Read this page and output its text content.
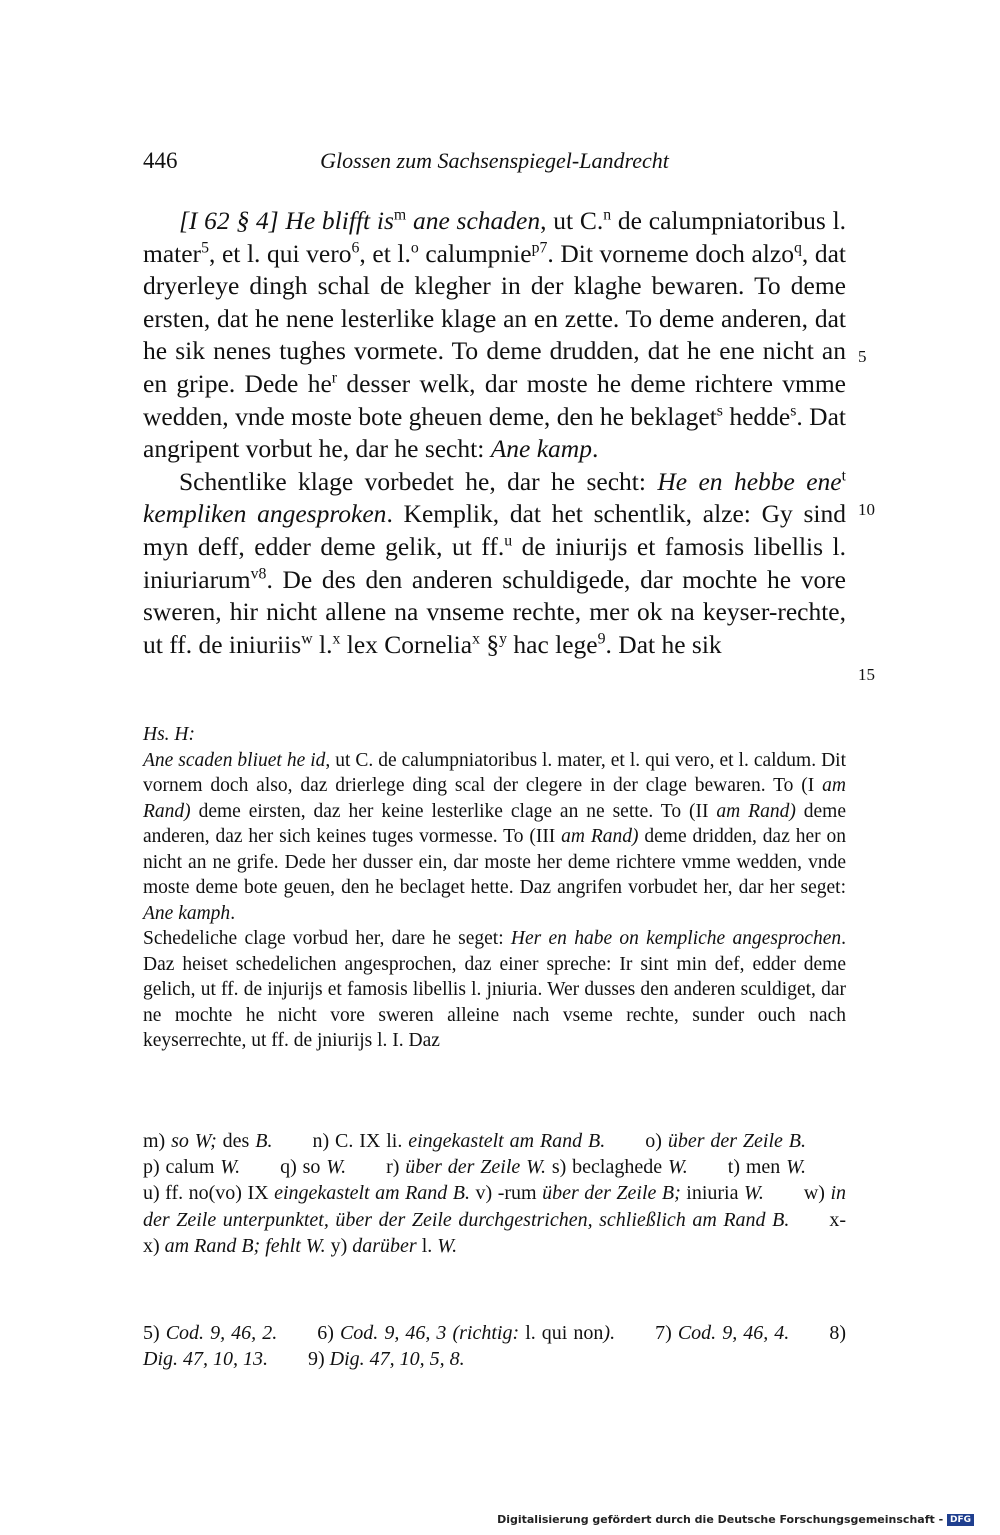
446	Glossen zum Sachsenspiegel-Landrecht

[I 62 § 4] He blifft $is^m$ ane schaden, ut C.$^n$ de calumpniatoribus l. mater$^5$, et l. qui vero$^6$, et l.$^o$ calumpnie$^{p7}$. Dit vorneme doch alzo$^q$, dat dryerleye dingh schal de klegher in der klaghe bewaren. To deme ersten, dat he nene lesterlike klage an en zette. To deme anderen, dat he sik nenes tughes vormete. To deme drudden, dat he ene nicht an en gripe. Dede $he^r$ desser welk, dar moste he deme richtere vmme wedden, vnde moste bote gheuen deme, den he beklaget$^s$ hedde$^s$. Dat angripent vorbut he, dar he secht: Ane kamp.

Schentlike klage vorbedet he, dar he secht: He en hebbe ene$^t$ kempliken angesproken. Kemplik, dat het schentlik, alze: Gy sind myn deff, edder deme gelik, ut ff.$^u$ de iniurijs et famosis libellis l. iniuriarum$^{v8}$. De des den anderen schuldigede, dar mochte he vore sweren, hir nicht allene na vnseme rechte, mer ok na keyser-rechte, ut ff. de iniuriis$^w$ l.$^x$ lex Cornelia$^x$ §$^y$ hac lege$^9$. Dat he sik

5
10
15

Hs. H:

Ane scaden bliuet he id, ut C. de calumpniatoribus l. mater, et l. qui vero, et l. caldum. Dit vornem doch also, daz drierlege ding scal der clegere in der clage bewaren. To (I am Rand) deme eirsten, daz her keine lesterlike clage an ne sette. To (II am Rand) deme anderen, daz her sich keines tuges vormesse. To (III am Rand) deme dridden, daz her on nicht an ne grife. Dede her dusser ein, dar moste her deme richtere vmme wedden, vnde moste deme bote geuen, den he beclaget hette. Daz angrifen vorbudet her, dar her seget: Ane kamph.

Schedeliche clage vorbud her, dare he seget: Her en habe on kempliche angesprochen. Daz heiset schedelichen angesprochen, daz einer spreche: Ir sint min def, edder deme gelich, ut ff. de injurijs et famosis libellis l. jniuria. Wer dusses den anderen sculdiget, dar ne mochte he nicht vore sweren alleine nach vseme rechte, sunder ouch nach keyserrechte, ut ff. de jniurijs l. I. Daz

m) so W; des B. n) C. IX li. eingekastelt am Rand B. o) über der Zeile B.p) calum W. q) so W. r) über der Zeile W. s) beclaghede W. t) men W.u) ff. no(vo) IX eingekastelt am Rand B. v) -rum über der Zeile B; iniuria W. w) in der Zeile unterpunktet, über der Zeile durchgestrichen, schließlich am Rand B. x-x) am Rand B; fehlt W. y) darüber l. W.

5) Cod. 9, 46, 2. 6) Cod. 9, 46, 3 (richtig: l. qui non). 7) Cod. 9, 46, 4. 8) Dig. 47, 10, 13. 9) Dig. 47, 10, 5, 8.

Digitalisierung gefördert durch die Deutsche Forschungsgemeinschaft - DFG
